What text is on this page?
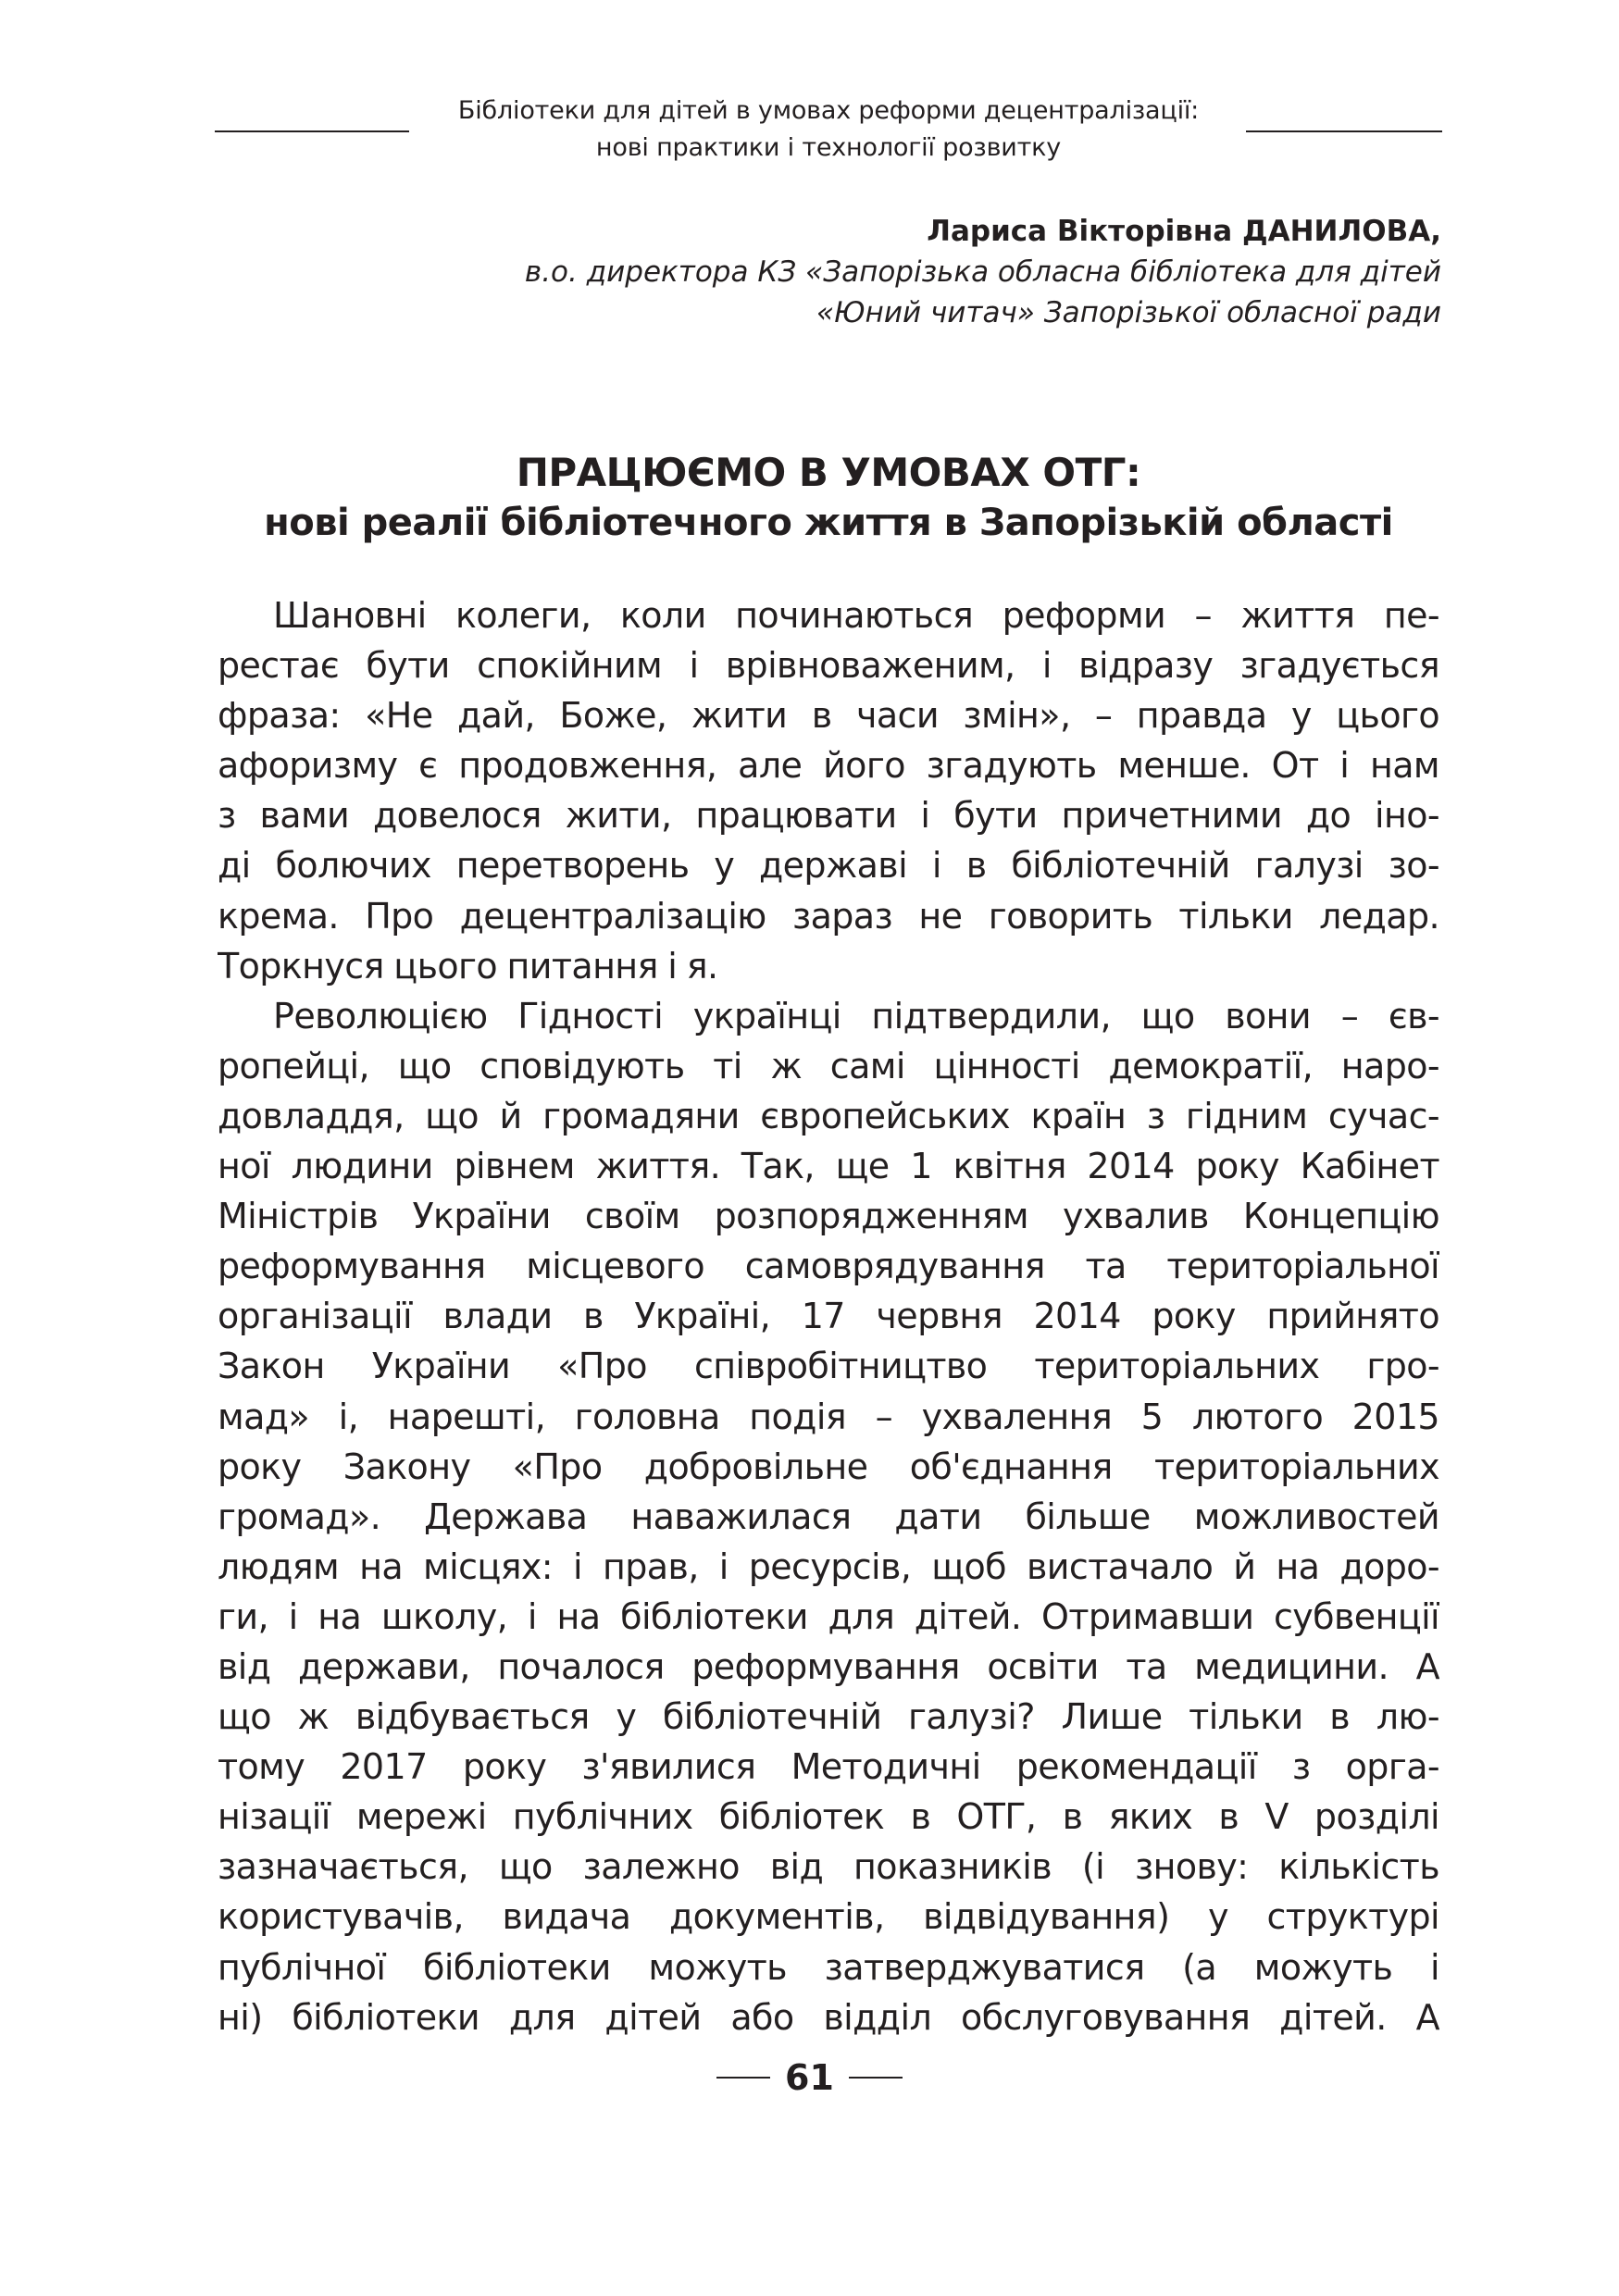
Бібліотеки для дітей в умовах реформи децентралізації:
нові практики і технології розвитку
Лариса Вікторівна ДАНИЛОВА,
в.о. директора КЗ «Запорізька обласна бібліотека для дітей
«Юний читач» Запорізької обласної ради
ПРАЦЮЄМО В УМОВАХ ОТГ:
нові реалії бібліотечного життя в Запорізькій області
Шановні колеги, коли починаються реформи – життя пе-
рестає бути спокійним і врівноваженим, і відразу згадується
фраза: «Не дай, Боже, жити в часи змін», – правда у цього
афоризму є продовження, але його згадують менше. От і нам
з вами довелося жити, працювати і бути причетними до іно-
ді болючих перетворень у державі і в бібліотечній галузі зо-
крема. Про децентралізацію зараз не говорить тільки ледар.
Торкнуся цього питання і я.
Революцією Гідності українці підтвердили, що вони – єв-
ропейці, що сповідують ті ж самі цінності демократії, наро-
довладдя, що й громадяни європейських країн з гідним сучас-
ної людини рівнем життя. Так, ще 1 квітня 2014 року Кабінет
Міністрів України своїм розпорядженням ухвалив Концепцію
реформування місцевого самоврядування та територіальної
організації влади в Україні, 17 червня 2014 року прийнято
Закон України «Про співробітництво територіальних гро-
мад» і, нарешті, головна подія – ухвалення 5 лютого 2015
року Закону «Про добровільне об'єднання територіальних
громад». Держава наважилася дати більше можливостей
людям на місцях: і прав, і ресурсів, щоб вистачало й на доро-
ги, і на школу, і на бібліотеки для дітей. Отримавши субвенції
від держави, почалося реформування освіти та медицини. А
що ж відбувається у бібліотечній галузі? Лише тільки в лю-
тому 2017 року з'явилися Методичні рекомендації з орга-
нізації мережі публічних бібліотек в ОТГ, в яких в V розділі
зазначається, що залежно від показників (і знову: кількість
користувачів, видача документів, відвідування) у структурі
публічної бібліотеки можуть затверджуватися (а можуть і
ні) бібліотеки для дітей або відділ обслуговування дітей. А
61
